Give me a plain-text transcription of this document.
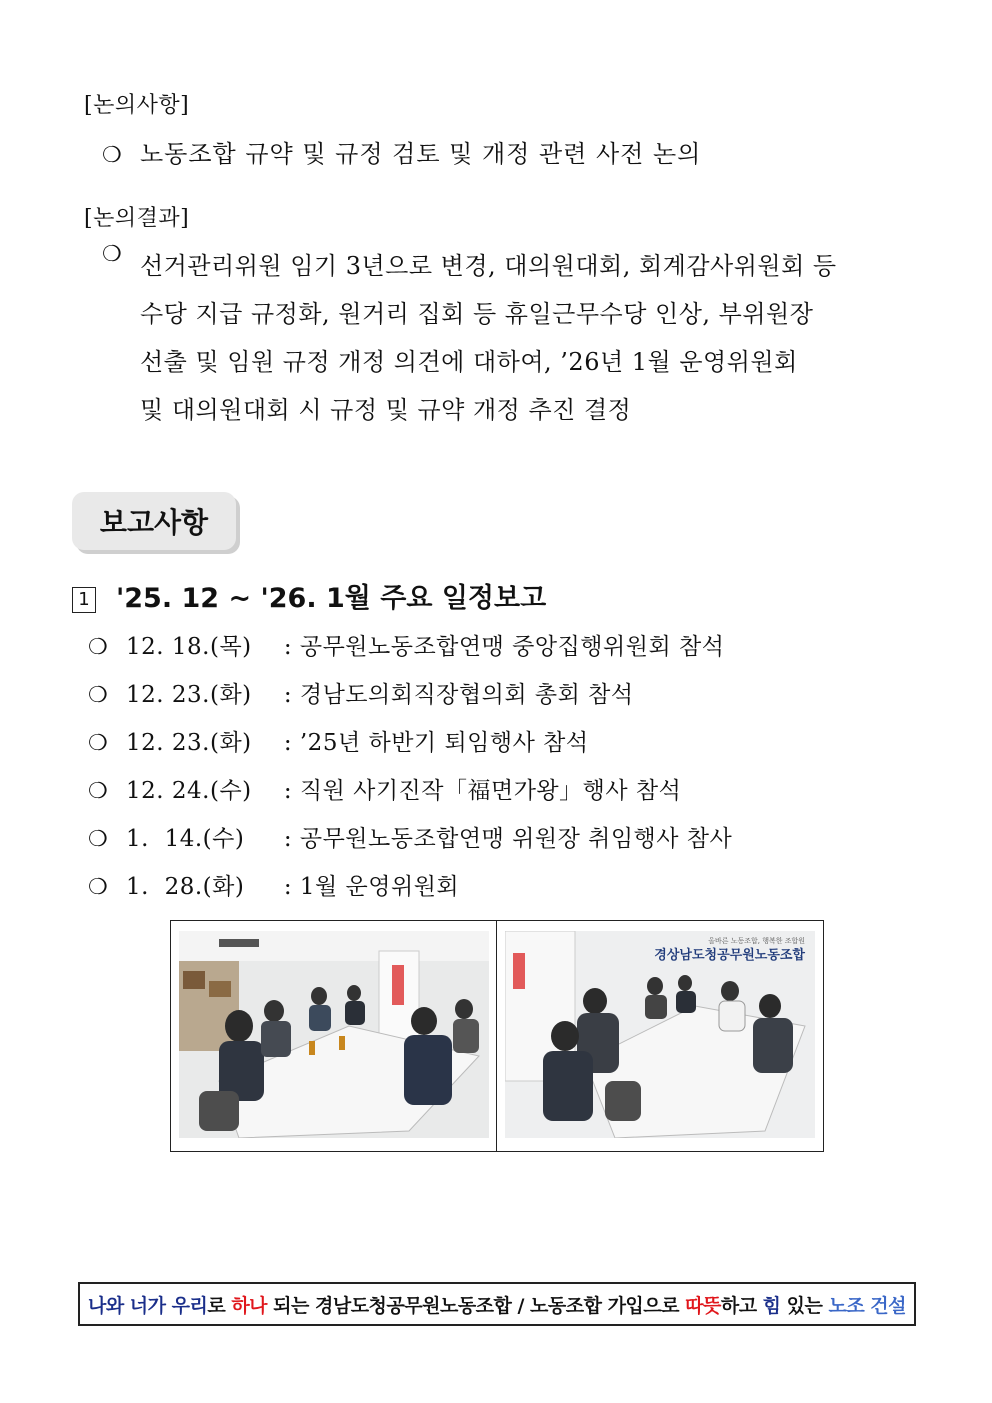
[논의사항]
❍ 노동조합 규약 및 규정 검토 및 개정 관련 사전 논의
[논의결과]
❍ 선거관리위원 임기 3년으로 변경, 대의원대회, 회계감사위원회 등
수당 지급 규정화, 원거리 집회 등 휴일근무수당 인상, 부위원장
선출 및 임원 규정 개정 의견에 대하여, ’26년 1월 운영위원회
및 대의원대회 시 규정 및 규약 개정 추진 결정
보고사항
1 '25. 12 ~ '26. 1월 주요 일정보고
❍ 12. 18.(목) : 공무원노동조합연맹 중앙집행위원회 참석
❍ 12. 23.(화) : 경남도의회직장협의회 총회 참석
❍ 12. 23.(화) : ’25년 하반기 퇴임행사 참석
❍ 12. 24.(수) : 직원 사기진작「福면가왕」행사 참석
❍ 1.  14.(수) : 공무원노동조합연맹 위원장 취임행사 참사
❍ 1.  28.(화) : 1월 운영위원회
올바른 노동조합, 행복한 조합원
경상남도청공무원노동조합
나와 너가 우리 로 하나 되는 경남도청공무원노동조합 / 노동조합 가입으로 따뜻 하고 힘 있는 노조 건설
